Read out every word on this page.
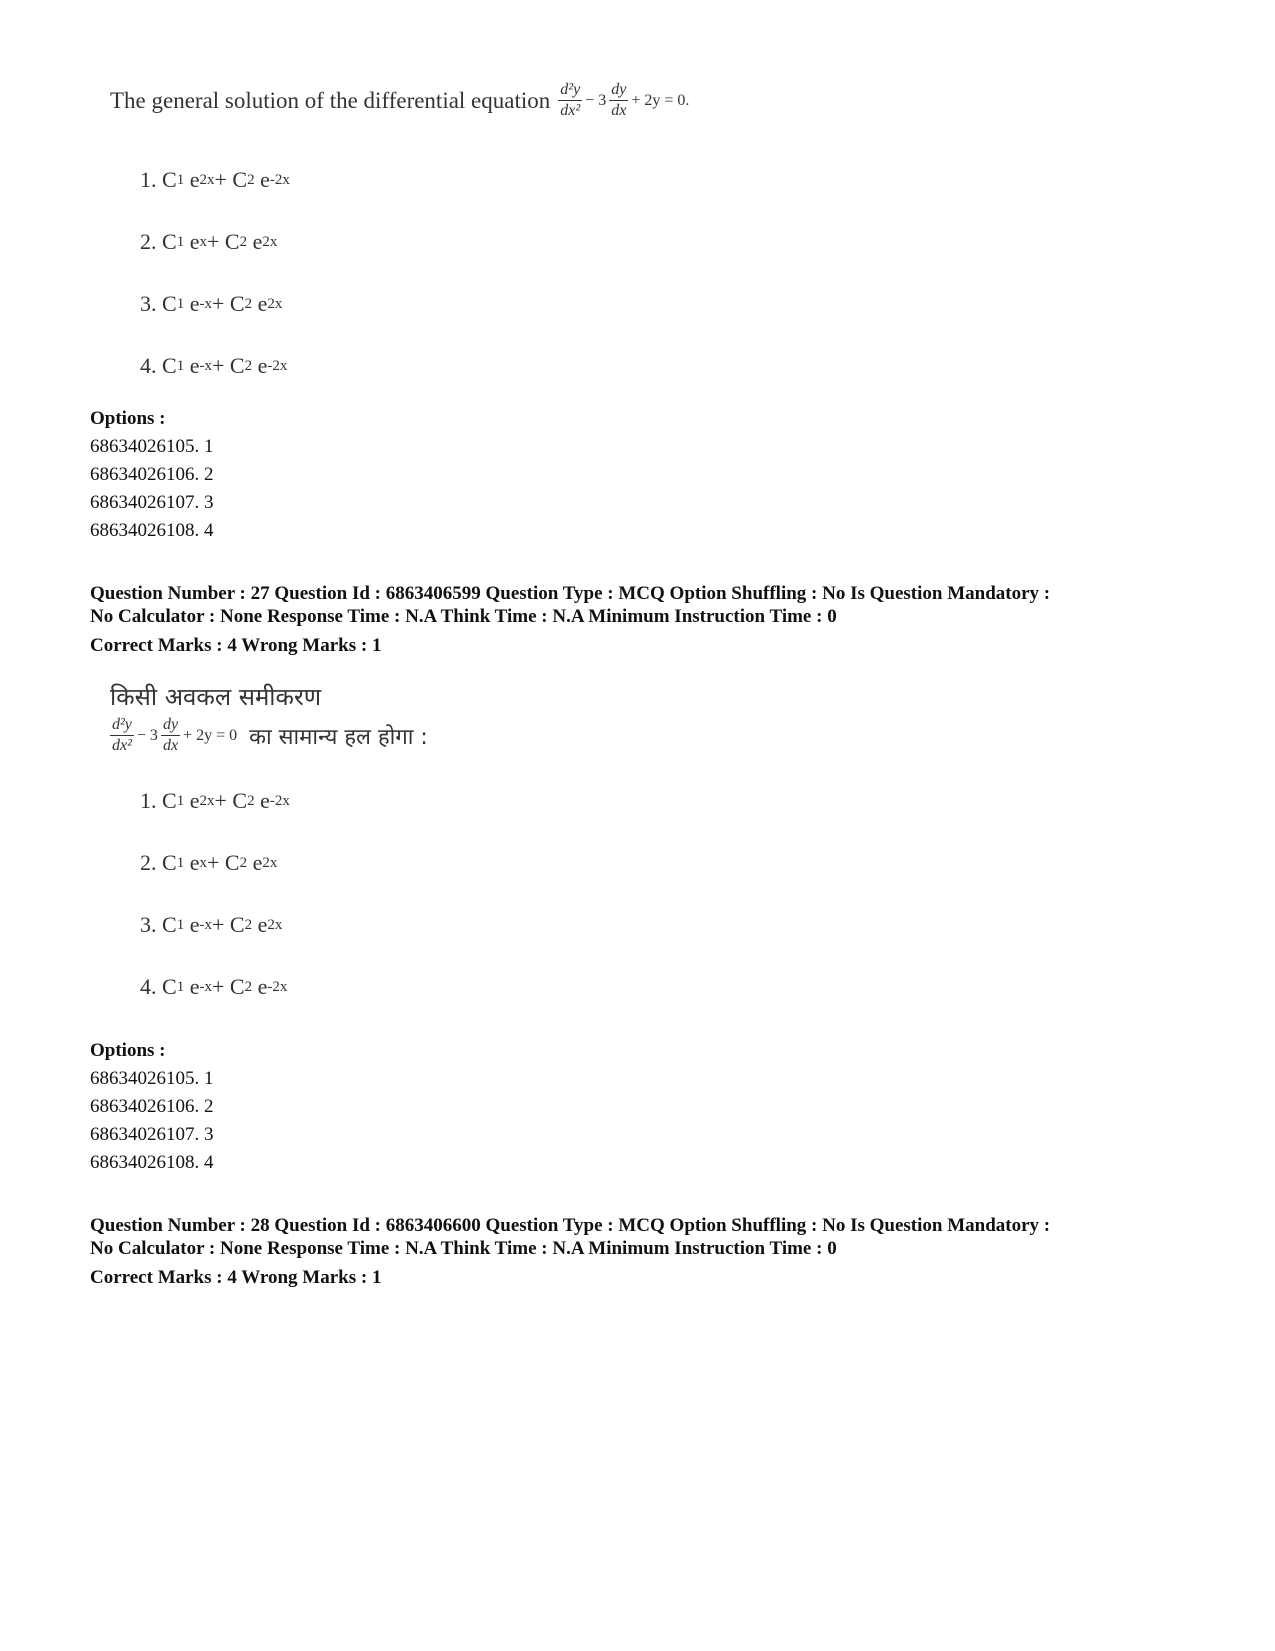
The general solution of the differential equation $\frac{\text{d²y}}{\text{dx²}} - 3 \frac{dy}{dx} + 2y = 0$.
1.
C 1
e 2x +
C 2
e -2x
2.
C 1
e x +
C 2
e 2x
3.
C 1
e -x +
C 2
e 2x
4.
C 1
e -x +
C 2
e -2x
Options :
68634026105. 1
68634026106. 2
68634026107. 3
68634026108. 4
Question Number : 27 Question Id : 6863406599 Question Type : MCQ Option Shuffling : No Is Question Mandatory :
No Calculator : None Response Time : N.A Think Time : N.A Minimum Instruction Time : 0
Correct Marks : 4 Wrong Marks : 1
किसी अवकल समीकरण
$\frac{\text{d²y}}{\text{dx²}} - 3 \frac{dy}{dx} + 2y = 0$ का सामान्य हल होगा :
1.
C 1
e 2x +
C 2
e -2x
2.
C 1
e x +
C 2
e 2x
3.
C 1
e -x +
C 2
e 2x
4.
C 1
e -x +
C 2
e -2x
Options :
68634026105. 1
68634026106. 2
68634026107. 3
68634026108. 4
Question Number : 28 Question Id : 6863406600 Question Type : MCQ Option Shuffling : No Is Question Mandatory :
No Calculator : None Response Time : N.A Think Time : N.A Minimum Instruction Time : 0
Correct Marks : 4 Wrong Marks : 1
